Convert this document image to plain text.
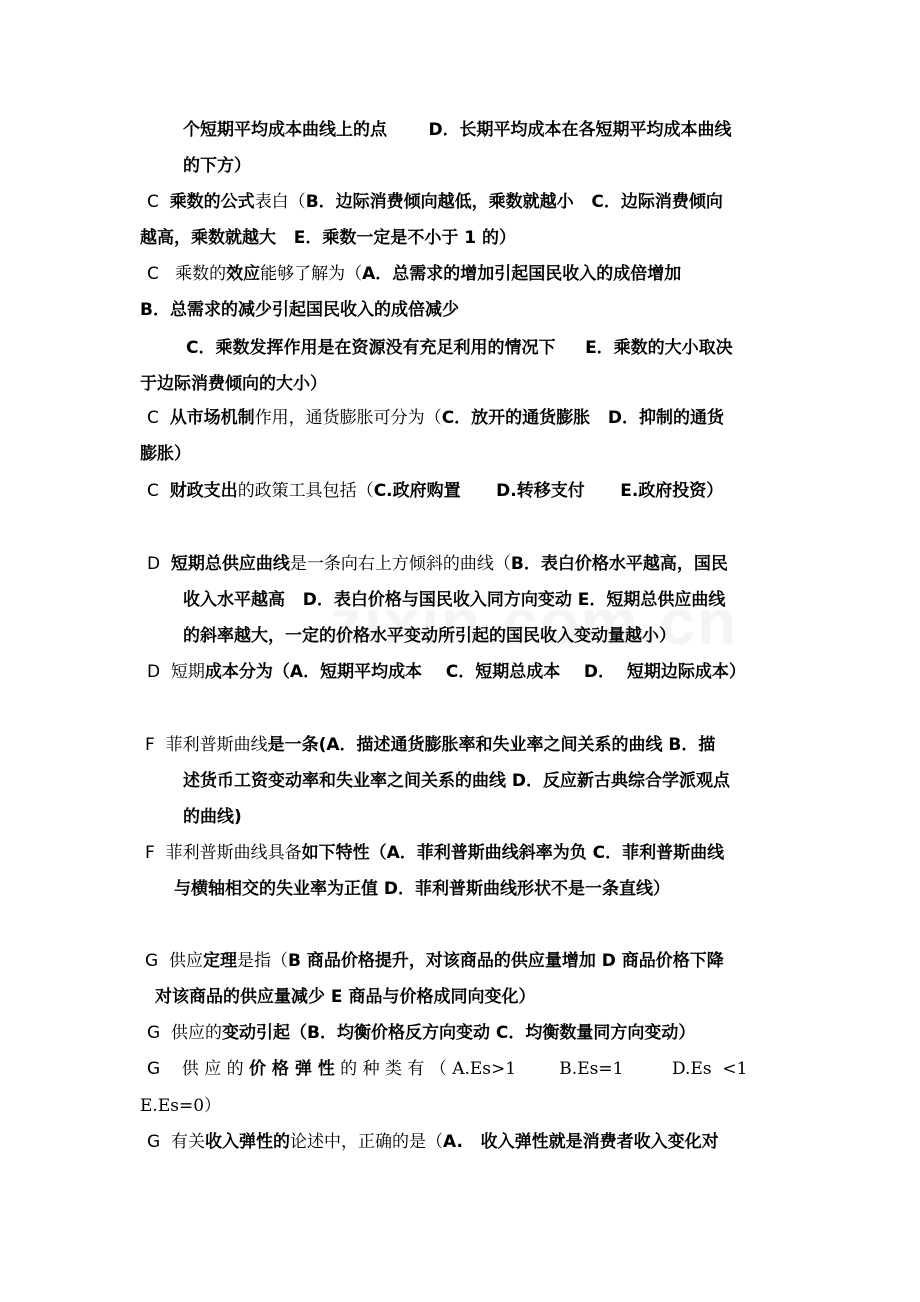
个短期平均成本曲线上的点       D．长期平均成本在各短期平均成本曲线
的下方）
C  乘数的公式表白（B．边际消费倾向越低，乘数就越小   C．边际消费倾向
越高，乘数就越大   E．乘数一定是不小于 1 的）
C   乘数的效应能够了解为（A．总需求的增加引起国民收入的成倍增加
B．总需求的减少引起国民收入的成倍减少
C．乘数发挥作用是在资源没有充足利用的情况下     E．乘数的大小取决
于边际消费倾向的大小）
C  从市场机制作用，通货膨胀可分为（C．放开的通货膨胀   D．抑制的通货
膨胀）
C  财政支出的政策工具包括（C.政府购置      D.转移支付      E.政府投资）
D  短期总供应曲线是一条向右上方倾斜的曲线（B．表白价格水平越高，国民
收入水平越高   D．表白价格与国民收入同方向变动 E．短期总供应曲线
的斜率越大，一定的价格水平变动所引起的国民收入变动量越小）
D  短期成本分为（A．短期平均成本    C．短期总成本    D．  短期边际成本）
F  菲利普斯曲线是一条(A．描述通货膨胀率和失业率之间关系的曲线 B．描
述货币工资变动率和失业率之间关系的曲线 D．反应新古典综合学派观点
的曲线)
F  菲利普斯曲线具备如下特性（A．菲利普斯曲线斜率为负 C．菲利普斯曲线
与横轴相交的失业率为正值 D．菲利普斯曲线形状不是一条直线）
G  供应定理是指（B 商品价格提升，对该商品的供应量增加 D 商品价格下降
对该商品的供应量减少 E 商品与价格成同向变化）
G  供应的变动引起（B．均衡价格反方向变动 C．均衡数量同方向变动）
G    供 应 的 价 格 弹 性 的 种 类 有 （ A.Es>1        B.Es=1         D.Es  <1
E.Es=0）
G  有关收入弹性的论述中，正确的是（A.   收入弹性就是消费者收入变化对
